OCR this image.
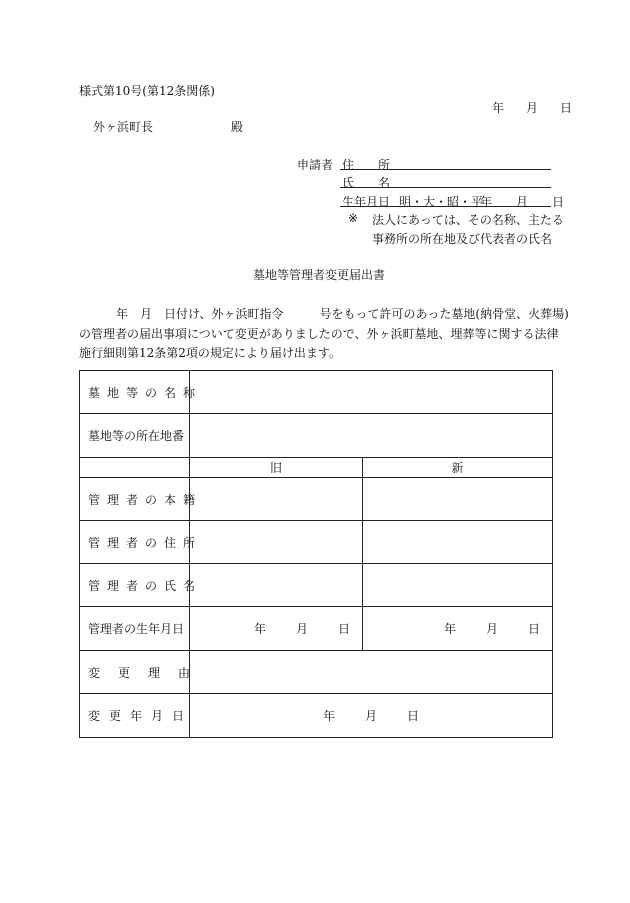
様式第10号(第12条関係)
年　月　日
外ヶ浜町長	殿
申請者 住　　所
氏　　名
生年月日 明・大・昭・平
年　月　日
※ 法人にあっては、その名称、主たる
事務所の所在地及び代表者の氏名
墓地等管理者変更届出書
年　月　日付け、外ヶ浜町指令　　　号をもって許可のあった墓地(納骨堂、火葬場)
の管理者の届出事項について変更がありましたので、外ヶ浜町墓地、埋葬等に関する法律
施行細則第12条第2項の規定により届け出ます。
墓地等の名称		
墓地等の所在地番		
	旧	新
管理者の本籍		
管理者の住所		
管理者の氏名		
管理者の生年月日	年 月 日	年 月 日

変更理由		
変更年月日	年 月 日	
